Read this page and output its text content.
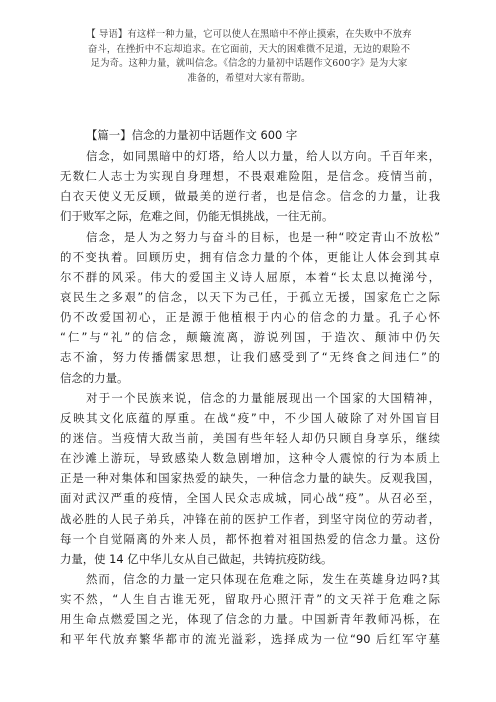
【 导语】有这样一种力量，它可以使人在黑暗中不停止摸索，在失败中不放弃
奋斗，在挫折中不忘却追求。在它面前，天大的困难微不足道，无边的艰险不
足为奇。这种力量，就叫信念。《信念的力量初中话题作文600字》是为大家
准备的，希望对大家有帮助。
【篇一】信念的力量初中话题作文 600 字
信念，如同黑暗中的灯塔，给人以力量，给人以方向。千百年来，
无数仁人志士为实现自身理想，不畏艰难险阻，是信念。疫情当前，
白衣天使义无反顾，做最美的逆行者，也是信念。信念的力量，让我
们于败军之际，危难之间，仍能无惧挑战，一往无前。
信念，是人为之努力与奋斗的目标，也是一种“咬定青山不放松”
的不变执着。回顾历史，拥有信念力量的个体，更能让人体会到其卓
尔不群的风采。伟大的爱国主义诗人屈原，本着“长太息以掩涕兮，
哀民生之多艰”的信念，以天下为己任，于孤立无援，国家危亡之际
仍不改爱国初心，正是源于他植根于内心的信念的力量。孔子心怀
“仁”与“礼”的信念，颠簸流离，游说列国，于造次、颠沛中仍矢
志不渝，努力传播儒家思想，让我们感受到了“无终食之间违仁”的
信念的力量。
对于一个民族来说，信念的力量能展现出一个国家的大国精神，
反映其文化底蕴的厚重。在战“疫”中，不少国人破除了对外国盲目
的迷信。当疫情大敌当前，美国有些年轻人却仍只顾自身享乐，继续
在沙滩上游玩，导致感染人数急剧增加，这种令人震惊的行为本质上
正是一种对集体和国家热爱的缺失，一种信念力量的缺失。反观我国，
面对武汉严重的疫情，全国人民众志成城，同心战“疫”。从召必至，
战必胜的人民子弟兵，冲锋在前的医护工作者，到坚守岗位的劳动者，
每一个自觉隔离的外来人员，都怀抱着对祖国热爱的信念力量。这份
力量，使 14 亿中华儿女从自己做起，共铸抗疫防线。
然而，信念的力量一定只体现在危难之际，发生在英雄身边吗?其
实不然，“人生自古谁无死，留取丹心照汗青”的文天祥于危难之际
用生命点燃爱国之光，体现了信念的力量。中国新青年教师冯栎，在
和平年代放弃繁华都市的流光溢彩，选择成为一位“90 后红军守墓
